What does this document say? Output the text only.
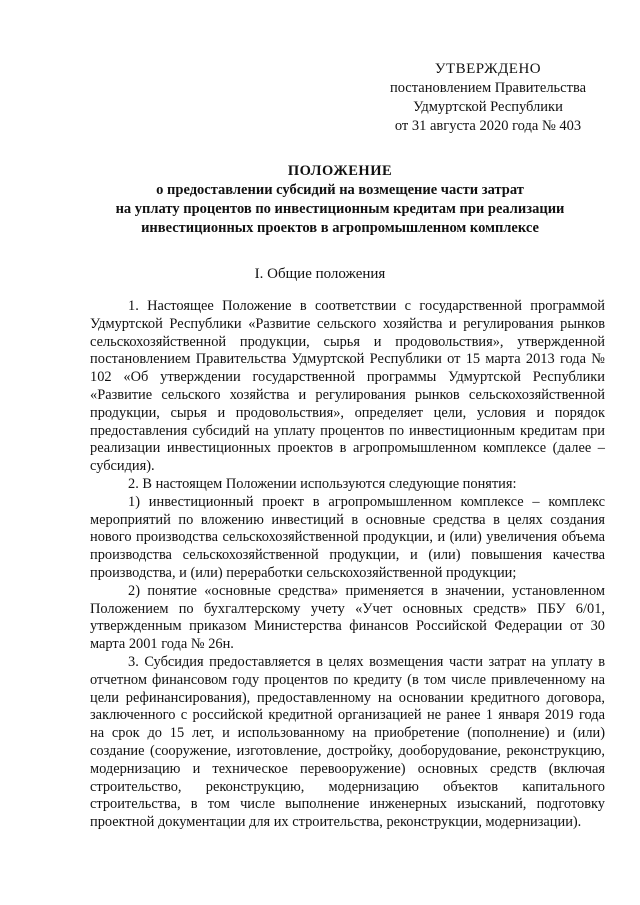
УТВЕРЖДЕНО
постановлением Правительства
Удмуртской Республики
от 31 августа 2020 года № 403
ПОЛОЖЕНИЕ
о предоставлении субсидий на возмещение части затрат
на уплату процентов по инвестиционным кредитам при реализации
инвестиционных проектов в агропромышленном комплексе
I. Общие положения

1. Настоящее Положение в соответствии с государственной программой Удмуртской Республики «Развитие сельского хозяйства и регулирования рынков сельскохозяйственной продукции, сырья и продовольствия», утвержденной постановлением Правительства Удмуртской Республики от 15 марта 2013 года № 102 «Об утверждении государственной программы Удмуртской Республики «Развитие сельского хозяйства и регулирования рынков сельскохозяйственной продукции, сырья и продовольствия», определяет цели, условия и порядок предоставления субсидий на уплату процентов по инвестиционным кредитам при реализации инвестиционных проектов в агропромышленном комплексе (далее – субсидия).

2. В настоящем Положении используются следующие понятия:

1) инвестиционный проект в агропромышленном комплексе – комплекс мероприятий по вложению инвестиций в основные средства в целях создания нового производства сельскохозяйственной продукции, и (или) увеличения объема производства сельскохозяйственной продукции, и (или) повышения качества производства, и (или) переработки сельскохозяйственной продукции;

2) понятие «основные средства» применяется в значении, установленном Положением по бухгалтерскому учету «Учет основных средств» ПБУ 6/01, утвержденным приказом Министерства финансов Российской Федерации от 30 марта 2001 года № 26н.

3. Субсидия предоставляется в целях возмещения части затрат на уплату в отчетном финансовом году процентов по кредиту (в том числе привлеченному на цели рефинансирования), предоставленному на основании кредитного договора, заключенного с российской кредитной организацией не ранее 1 января 2019 года на срок до 15 лет, и использованному на приобретение (пополнение) и (или) создание (сооружение, изготовление, достройку, дооборудование, реконструкцию, модернизацию и техническое перевооружение) основных средств (включая строительство, реконструкцию, модернизацию объектов капитального строительства, в том числе выполнение инженерных изысканий, подготовку проектной документации для их строительства, реконструкции, модернизации).
